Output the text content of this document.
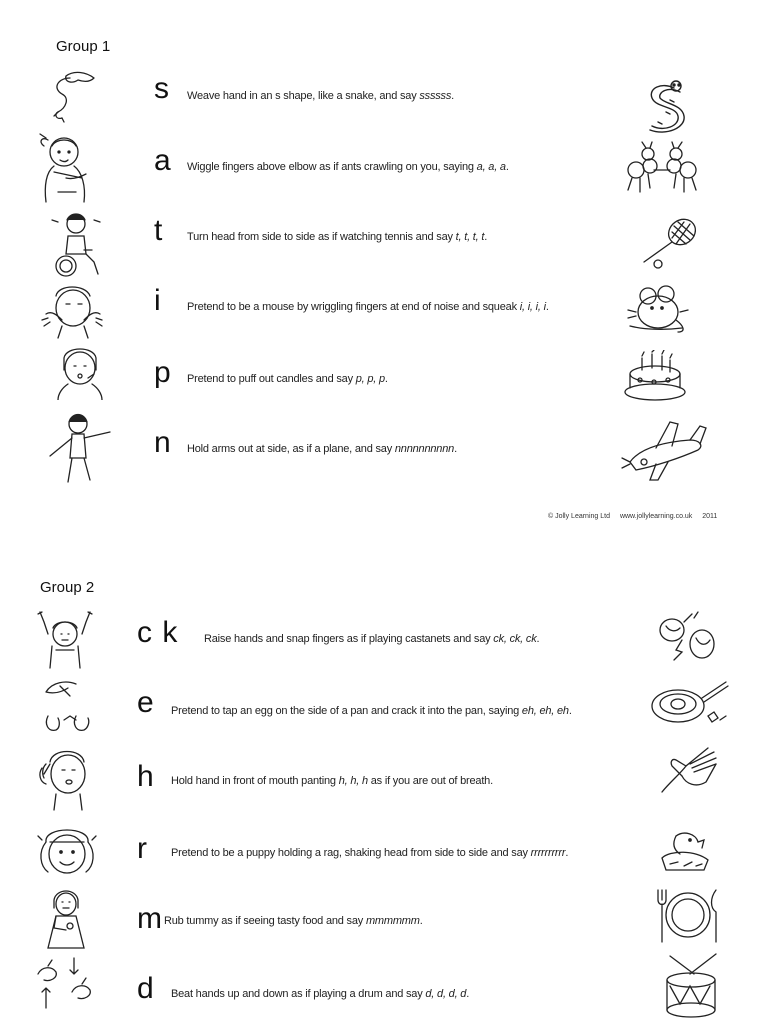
Group 1
s Weave hand in an s shape, like a snake, and say ssssss.
a Wiggle fingers above elbow as if ants crawling on you, saying a, a, a.
t Turn head from side to side as if watching tennis and say t, t, t, t.
i Pretend to be a mouse by wriggling fingers at end of noise and squeak i, i, i, i.
p Pretend to puff out candles and say p, p, p.
n Hold arms out at side, as if a plane, and say nnnnnnnnnn.
© Jolly Learning Ltd www.jollylearning.co.uk 2011
Group 2
c k Raise hands and snap fingers as if playing castanets and say ck, ck, ck.
e Pretend to tap an egg on the side of a pan and crack it into the pan, saying eh, eh, eh.
h Hold hand in front of mouth panting h, h, h as if you are out of breath.
r Pretend to be a puppy holding a rag, shaking head from side to side and say rrrrrrrrrr.
m Rub tummy as if seeing tasty food and say mmmmmm.
d Beat hands up and down as if playing a drum and say d, d, d, d.
